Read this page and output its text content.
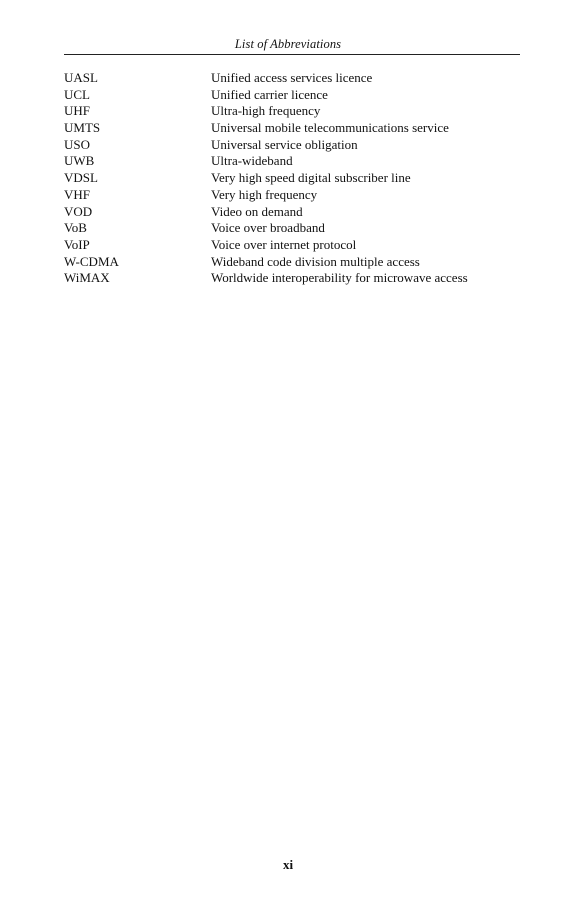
List of Abbreviations
UASL	Unified access services licence
UCL	Unified carrier licence
UHF	Ultra-high frequency
UMTS	Universal mobile telecommunications service
USO	Universal service obligation
UWB	Ultra-wideband
VDSL	Very high speed digital subscriber line
VHF	Very high frequency
VOD	Video on demand
VoB	Voice over broadband
VoIP	Voice over internet protocol
W-CDMA	Wideband code division multiple access
WiMAX	Worldwide interoperability for microwave access
xi
